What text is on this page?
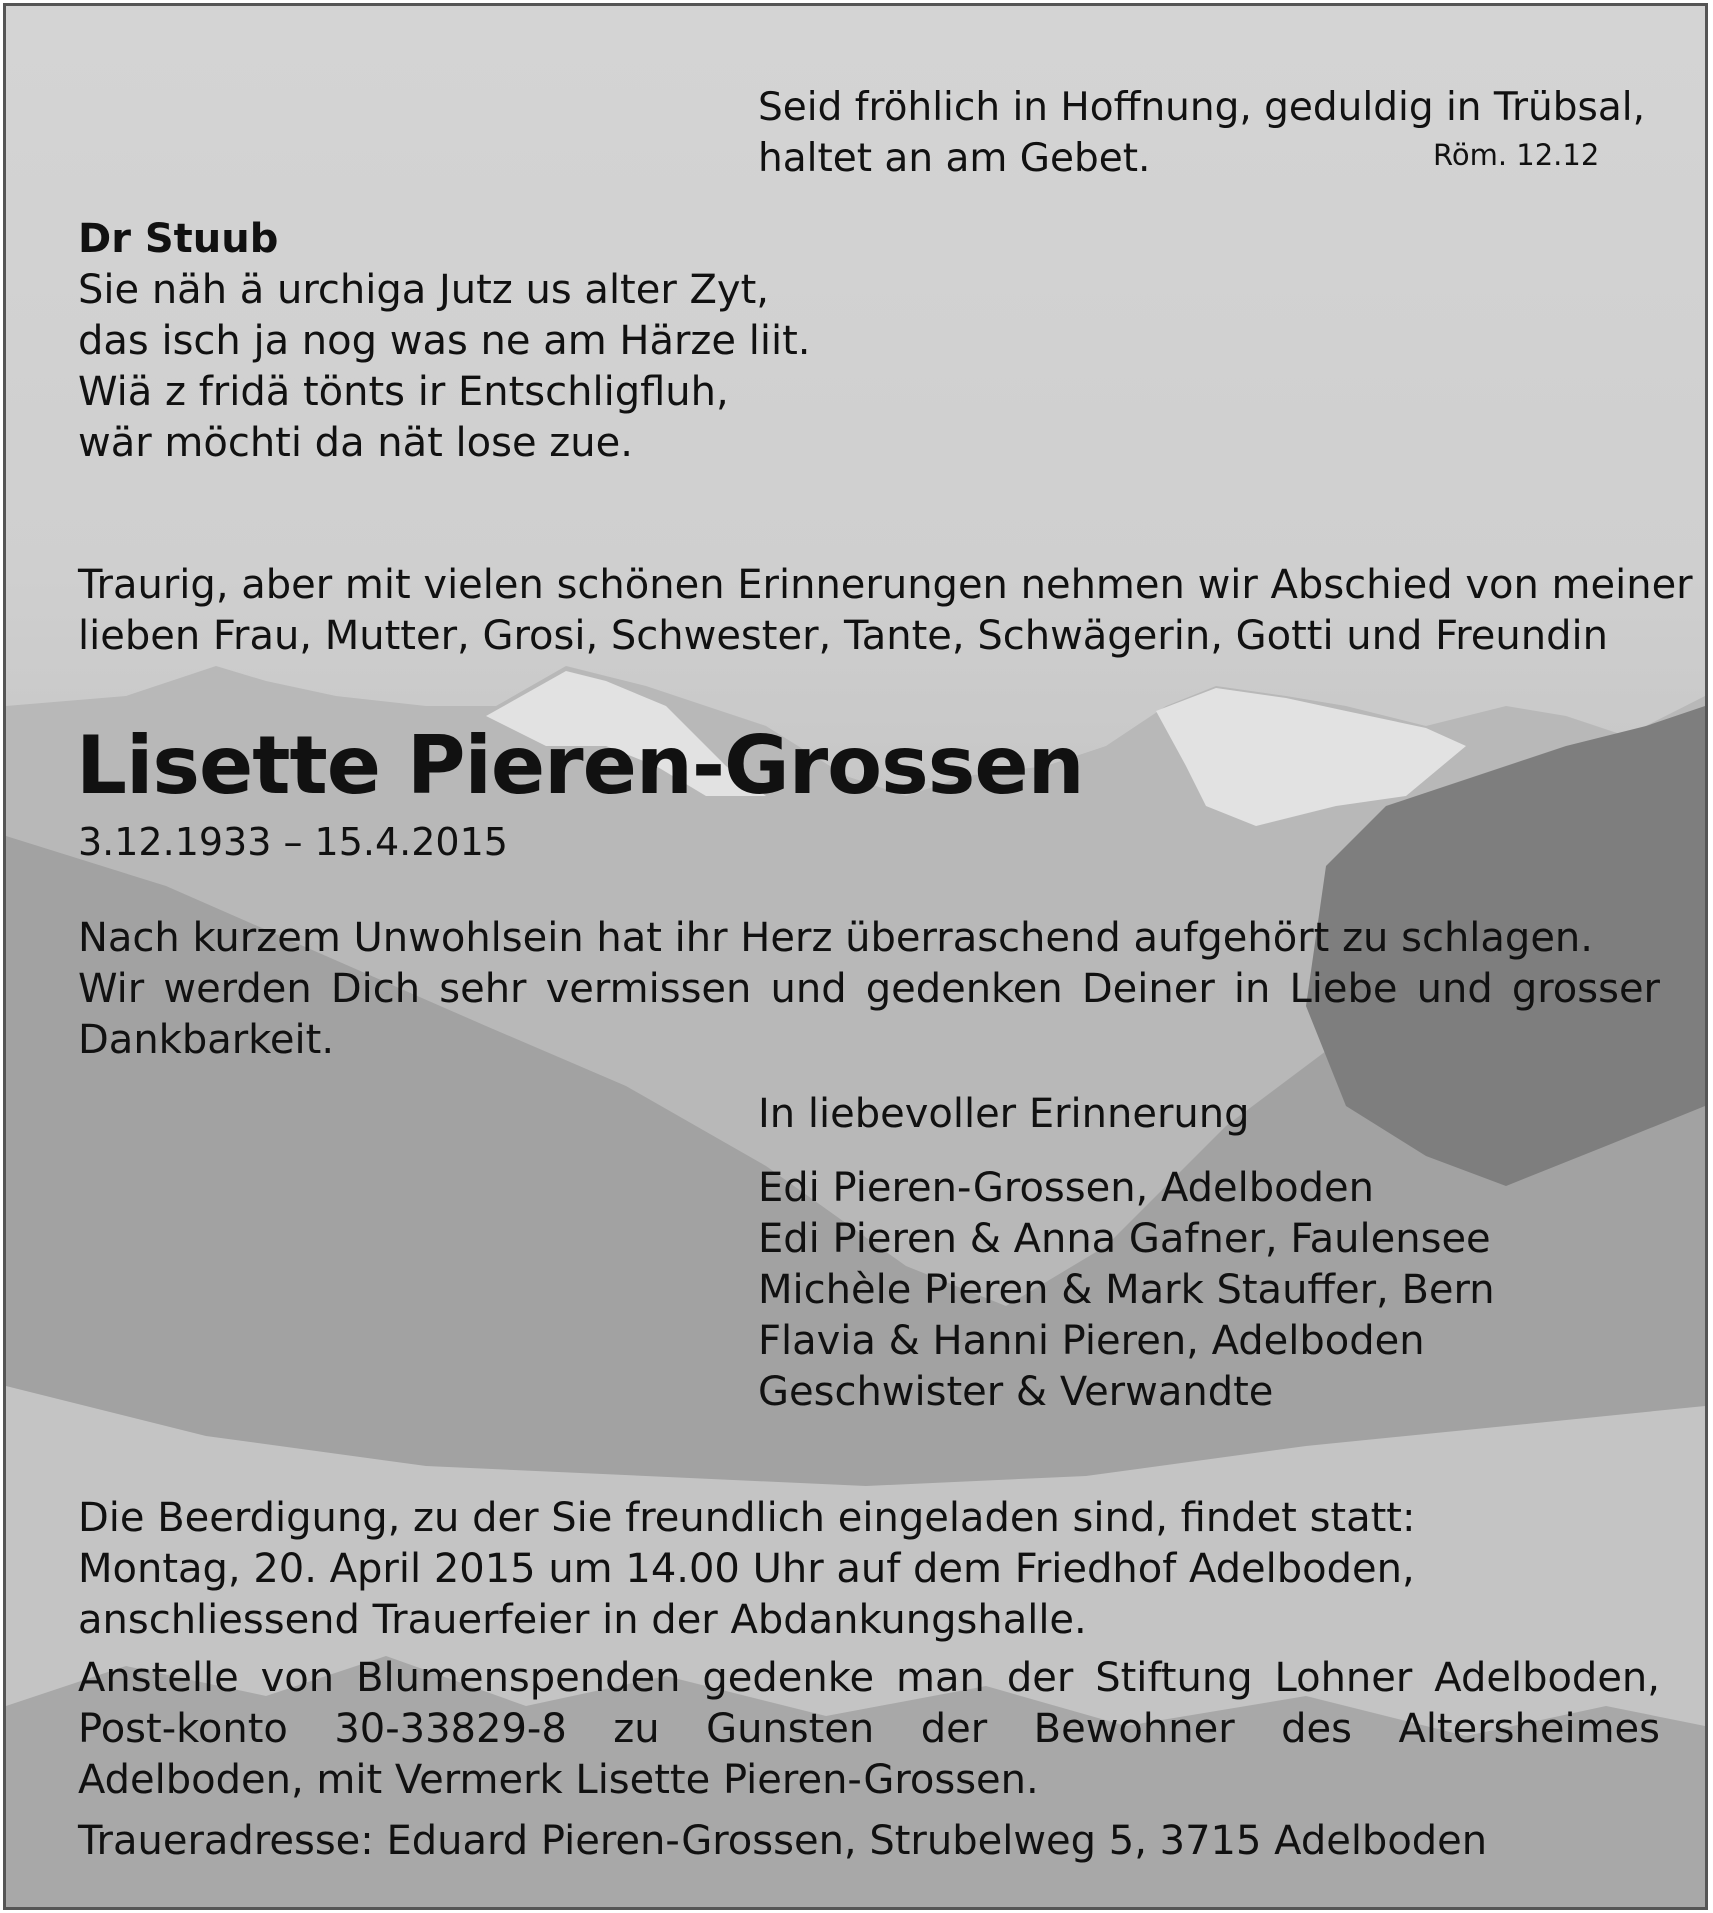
Seid fröhlich in Hoffnung, geduldig in Trübsal,
haltet an am Gebet.	Röm. 12.12
Dr Stuub
Sie näh ä urchiga Jutz us alter Zyt,
das isch ja nog was ne am Härze liit.
Wiä z fridä tönts ir Entschligfluh,
wär möchti da nät lose zue.
Traurig, aber mit vielen schönen Erinnerungen nehmen wir Abschied von meiner
lieben Frau, Mutter, Grosi, Schwester, Tante, Schwägerin, Gotti und Freundin
Lisette Pieren-Grossen
3.12.1933 – 15.4.2015
Nach kurzem Unwohlsein hat ihr Herz überraschend aufgehört zu schlagen.
Wir werden Dich sehr vermissen und gedenken Deiner in Liebe und grosser Dankbarkeit.
In liebevoller Erinnerung
Edi Pieren-Grossen, Adelboden
Edi Pieren & Anna Gafner, Faulensee
Michèle Pieren & Mark Stauffer, Bern
Flavia & Hanni Pieren, Adelboden
Geschwister & Verwandte

Die Beerdigung, zu der Sie freundlich eingeladen sind, findet statt:

Montag, 20. April 2015 um 14.00 Uhr auf dem Friedhof Adelboden, anschliessend Trauerfeier in der Abdankungshalle.

Anstelle von Blumenspenden gedenke man der Stiftung Lohner Adelboden, Post-konto 30-33829-8 zu Gunsten der Bewohner des Altersheimes Adelboden, mit Vermerk Lisette Pieren-Grossen.
Traueradresse: Eduard Pieren-Grossen, Strubelweg 5, 3715 Adelboden
